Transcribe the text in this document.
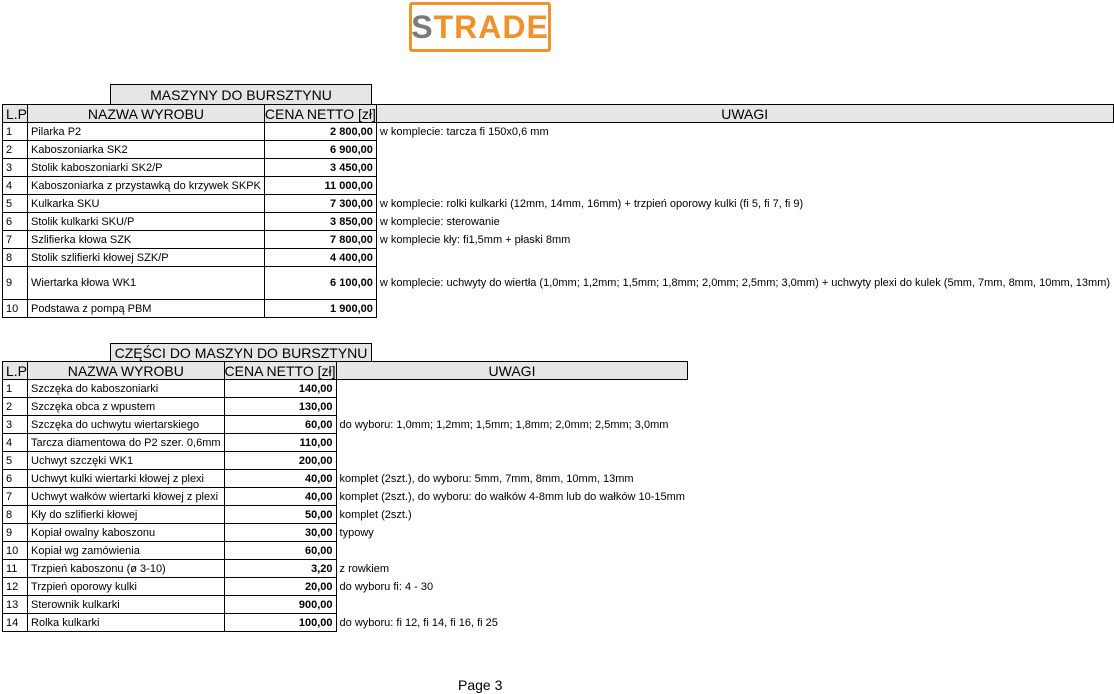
STRADE
MASZYNY DO BURSZTYNU
L.P	NAZWA WYROBU	CENA NETTO [zł]	UWAGI
1	Pilarka P2	2 800,00	w komplecie: tarcza fi 150x0,6 mm
2	Kaboszoniarka SK2	6 900,00	
3	Stolik kaboszoniarki SK2/P	3 450,00	
4	Kaboszoniarka z przystawką do krzywek SKPK	11 000,00	
5	Kulkarka SKU	7 300,00	w komplecie: rolki kulkarki (12mm, 14mm, 16mm) + trzpień oporowy kulki (fi 5, fi 7, fi 9)
6	Stolik kulkarki SKU/P	3 850,00	w komplecie: sterowanie
7	Szlifierka kłowa SZK	7 800,00	w komplecie kły: fi1,5mm + płaski 8mm
8	Stolik szlifierki kłowej SZK/P	4 400,00	
9	Wiertarka kłowa WK1	6 100,00	w komplecie: uchwyty do wiertła (1,0mm; 1,2mm; 1,5mm; 1,8mm; 2,0mm; 2,5mm; 3,0mm) + uchwyty plexi do kulek (5mm, 7mm, 8mm, 10mm, 13mm)
10	Podstawa z pompą PBM	1 900,00	
CZĘŚCI DO MASZYN DO BURSZTYNU
L.P	NAZWA WYROBU	CENA NETTO [zł]	UWAGI
1	Szczęka do kaboszoniarki	140,00	
2	Szczęka obca z wpustem	130,00	
3	Szczęka do uchwytu wiertarskiego	60,00	do wyboru: 1,0mm; 1,2mm; 1,5mm; 1,8mm; 2,0mm; 2,5mm; 3,0mm
4	Tarcza diamentowa do P2 szer. 0,6mm	110,00	
5	Uchwyt szczęki WK1	200,00	
6	Uchwyt kulki wiertarki kłowej z plexi	40,00	komplet (2szt.), do wyboru: 5mm, 7mm, 8mm, 10mm, 13mm
7	Uchwyt wałków wiertarki kłowej z plexi	40,00	komplet (2szt.), do wyboru: do wałków 4-8mm lub do wałków 10-15mm
8	Kły do szlifierki kłowej	50,00	komplet (2szt.)
9	Kopiał owalny kaboszonu	30,00	typowy
10	Kopiał wg zamówienia	60,00	
11	Trzpień kaboszonu (ø 3-10)	3,20	z rowkiem
12	Trzpień oporowy kulki	20,00	do wyboru fi: 4 - 30
13	Sterownik kulkarki	900,00	
14	Rolka kulkarki	100,00	do wyboru: fi 12, fi 14, fi 16, fi 25
Page 3
